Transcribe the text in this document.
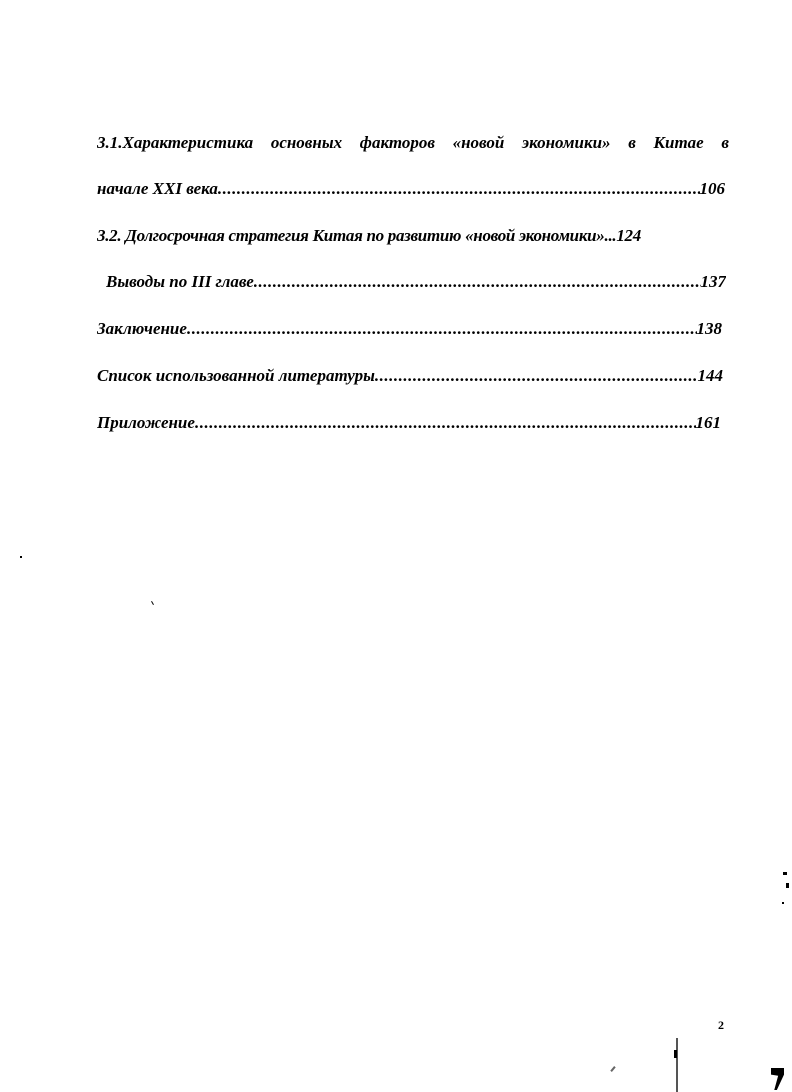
3.1.Характеристика основных факторов «новой экономики» в Китае в
начале XXI века .....	106
3.2. Долгосрочная стратегия Китая по развитию «новой экономики»...124
Выводы по III главе .....	137
Заключение .....	138
Список использованной литературы .....	144
Приложение .....	161
2
